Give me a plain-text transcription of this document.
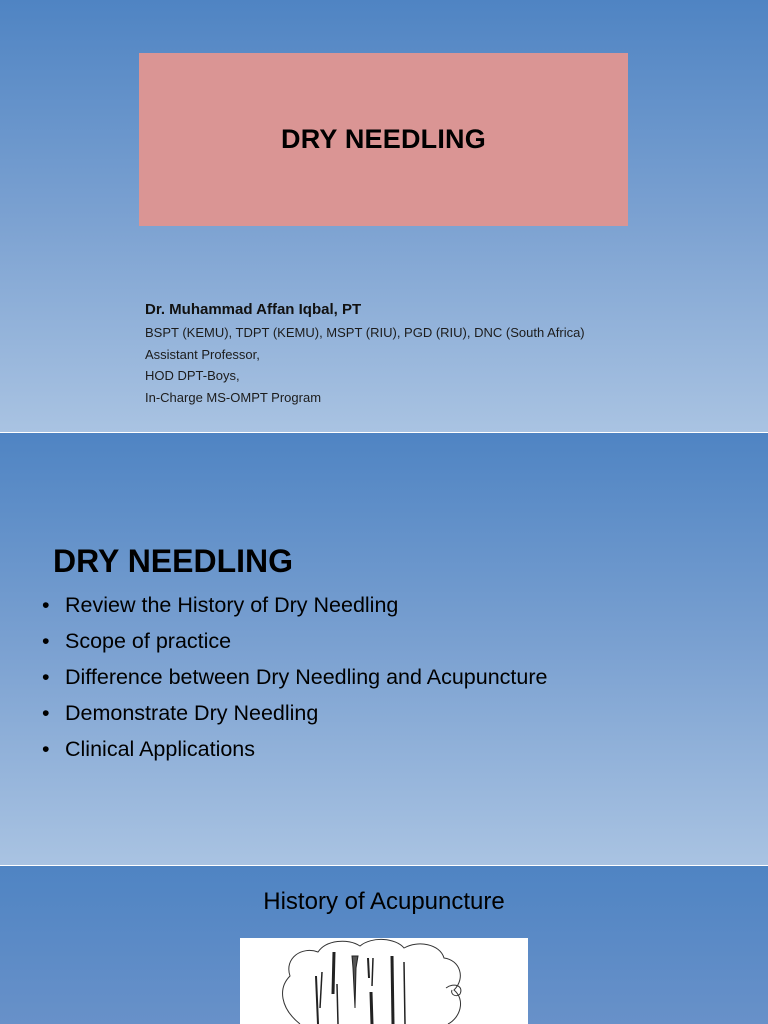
DRY NEEDLING
Dr. Muhammad Affan Iqbal, PT
BSPT (KEMU), TDPT (KEMU), MSPT (RIU), PGD (RIU), DNC (South Africa)
Assistant Professor,
HOD DPT-Boys,
In-Charge MS-OMPT Program
DRY NEEDLING
• Review the History of Dry Needling
• Scope of practice
• Difference between Dry Needling and Acupuncture
• Demonstrate Dry Needling
• Clinical Applications
History of Acupuncture
